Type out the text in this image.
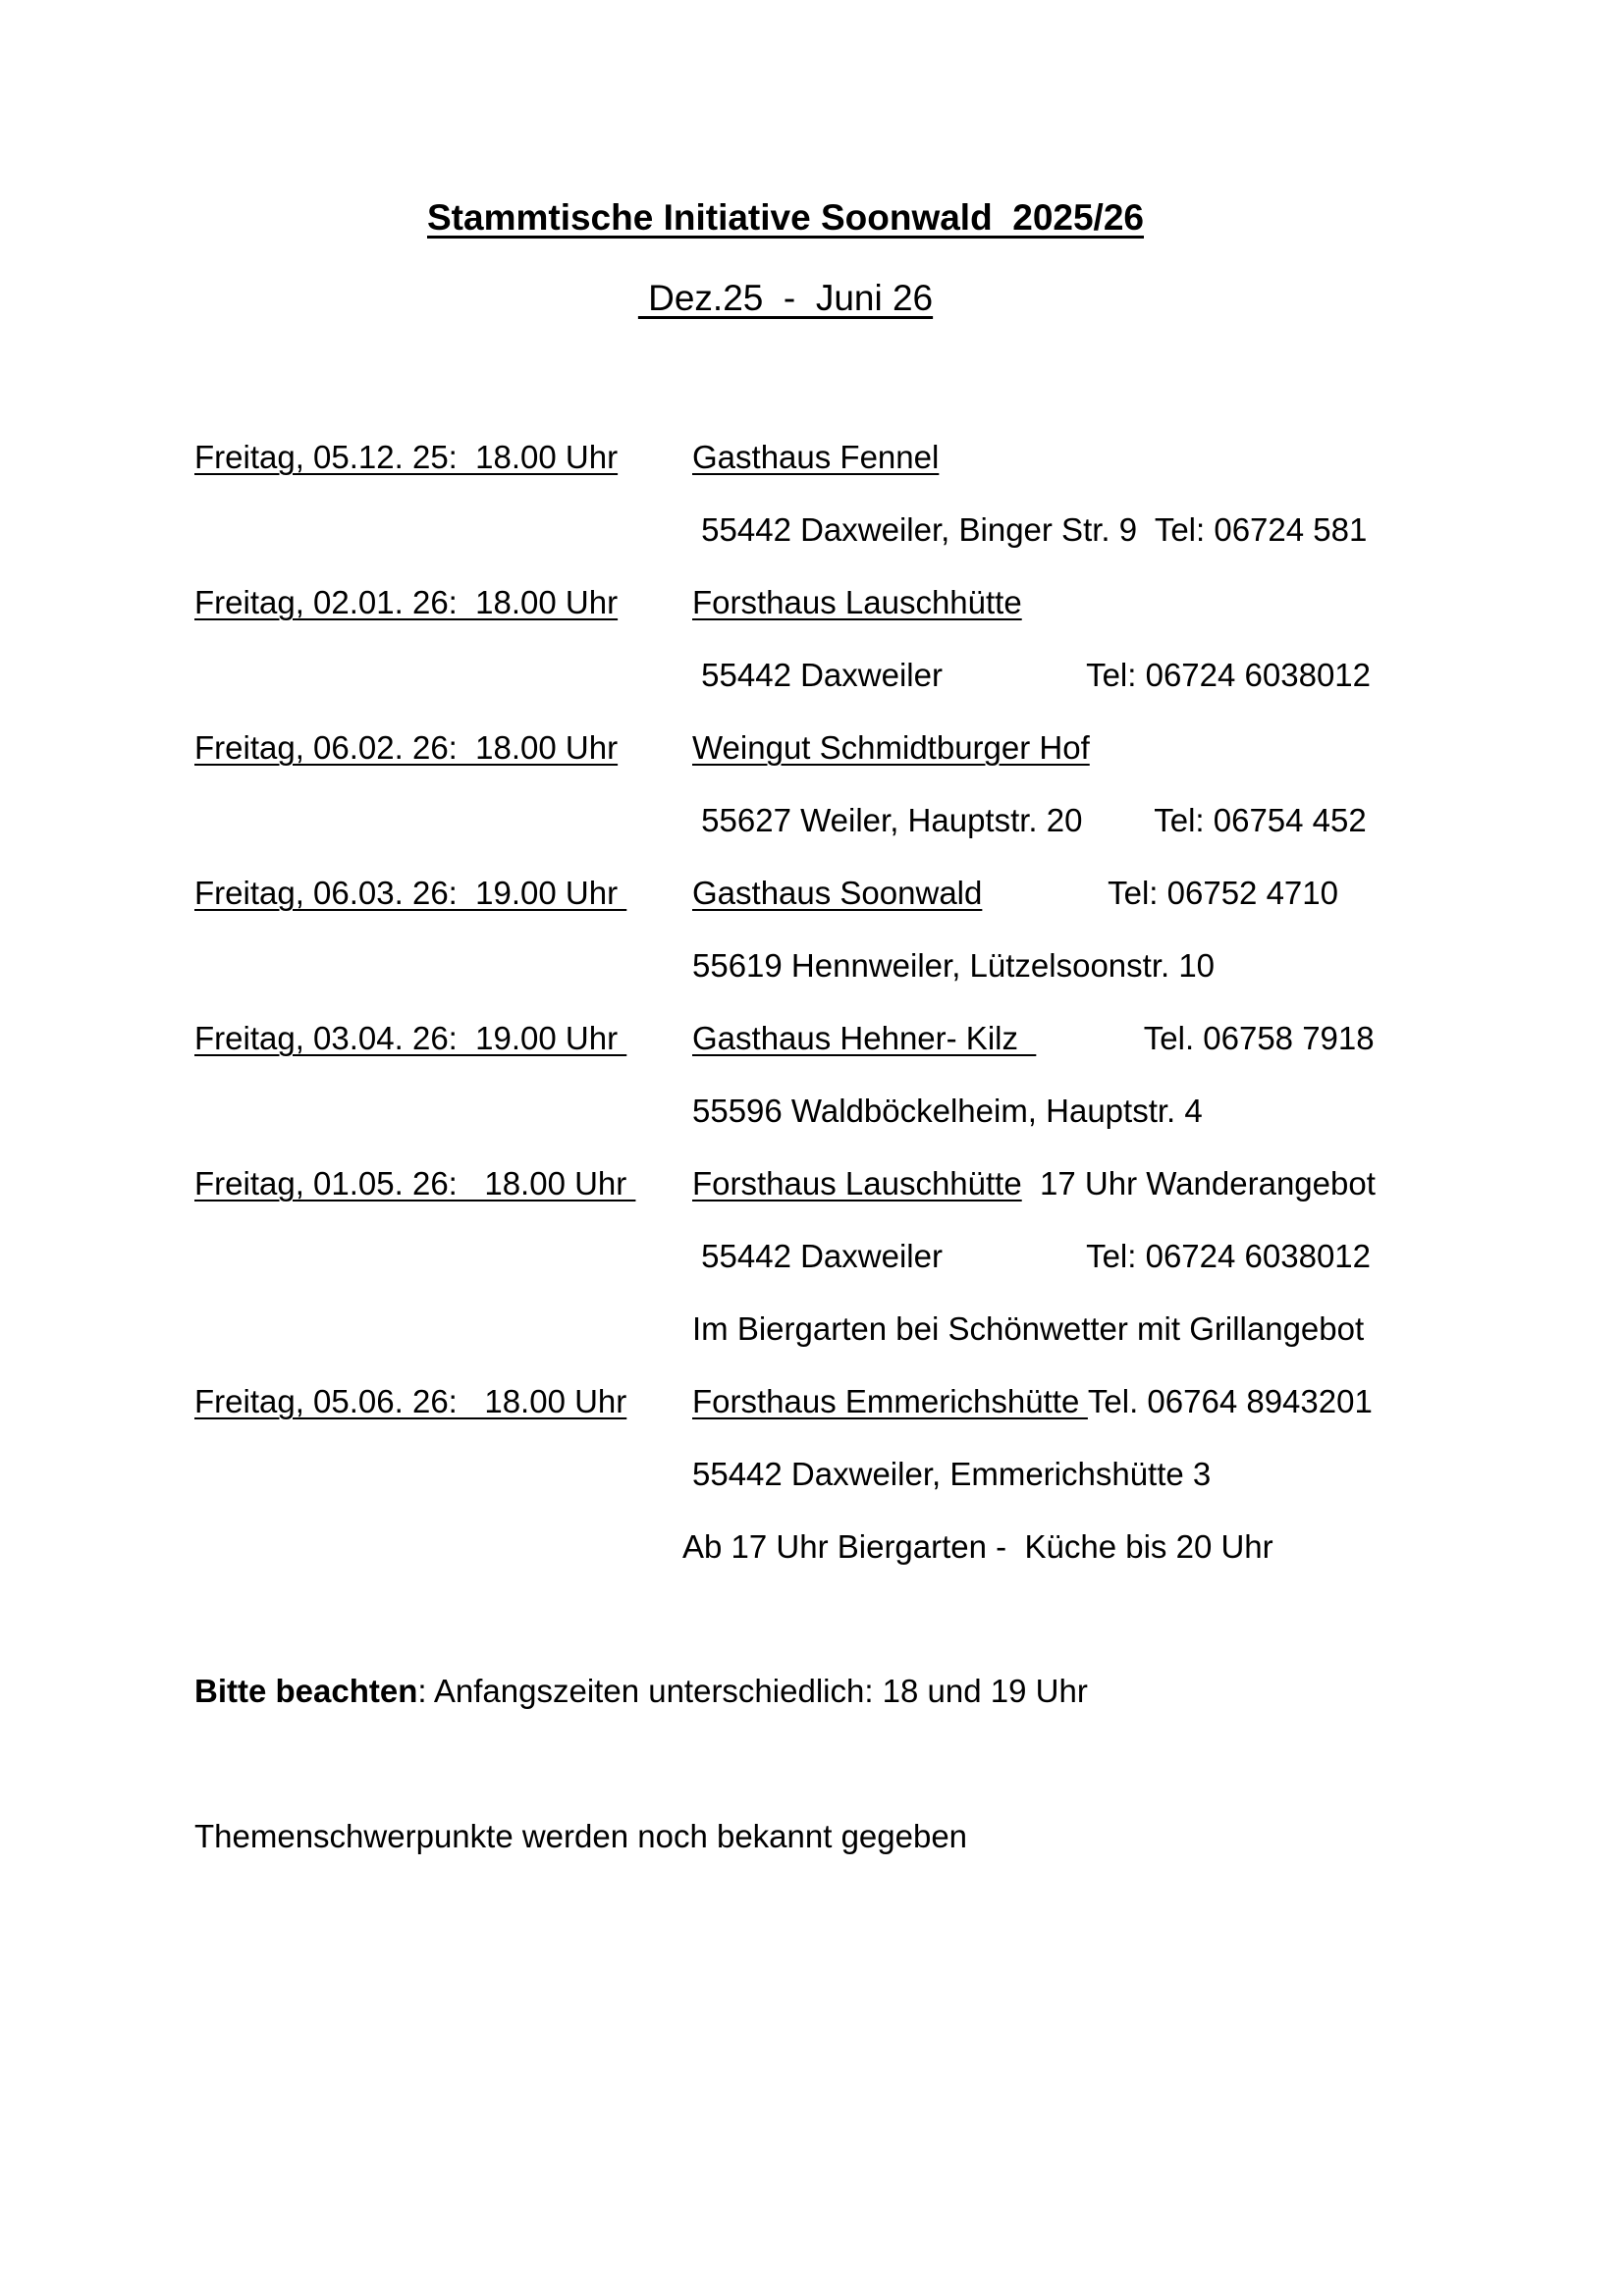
Stammtische Initiative Soonwald  2025/26
Dez.25  -  Juni 26
Freitag, 05.12. 25:  18.00 Uhr Gasthaus Fennel
55442 Daxweiler, Binger Str. 9  Tel: 06724 581
Freitag, 02.01. 26:  18.00 Uhr Forsthaus Lauschhütte
55442 Daxweiler                Tel: 06724 6038012
Freitag, 06.02. 26:  18.00 Uhr Weingut Schmidtburger Hof
55627 Weiler, Hauptstr. 20        Tel: 06754 452
Freitag, 06.03. 26:  19.00 Uhr Gasthaus Soonwald              Tel: 06752 4710
55619 Hennweiler, Lützelsoonstr. 10
Freitag, 03.04. 26:  19.00 Uhr Gasthaus Hehner- Kilz              Tel. 06758 7918
55596 Waldböckelheim, Hauptstr. 4
Freitag, 01.05. 26:   18.00 Uhr Forsthaus Lauschhütte  17 Uhr Wanderangebot
55442 Daxweiler                Tel: 06724 6038012
Im Biergarten bei Schönwetter mit Grillangebot
Freitag, 05.06. 26:   18.00 Uhr Forsthaus Emmerichshütte Tel. 06764 8943201
55442 Daxweiler, Emmerichshütte 3
Ab 17 Uhr Biergarten -  Küche bis 20 Uhr
Bitte beachten: Anfangszeiten unterschiedlich: 18 und 19 Uhr
Themenschwerpunkte werden noch bekannt gegeben
